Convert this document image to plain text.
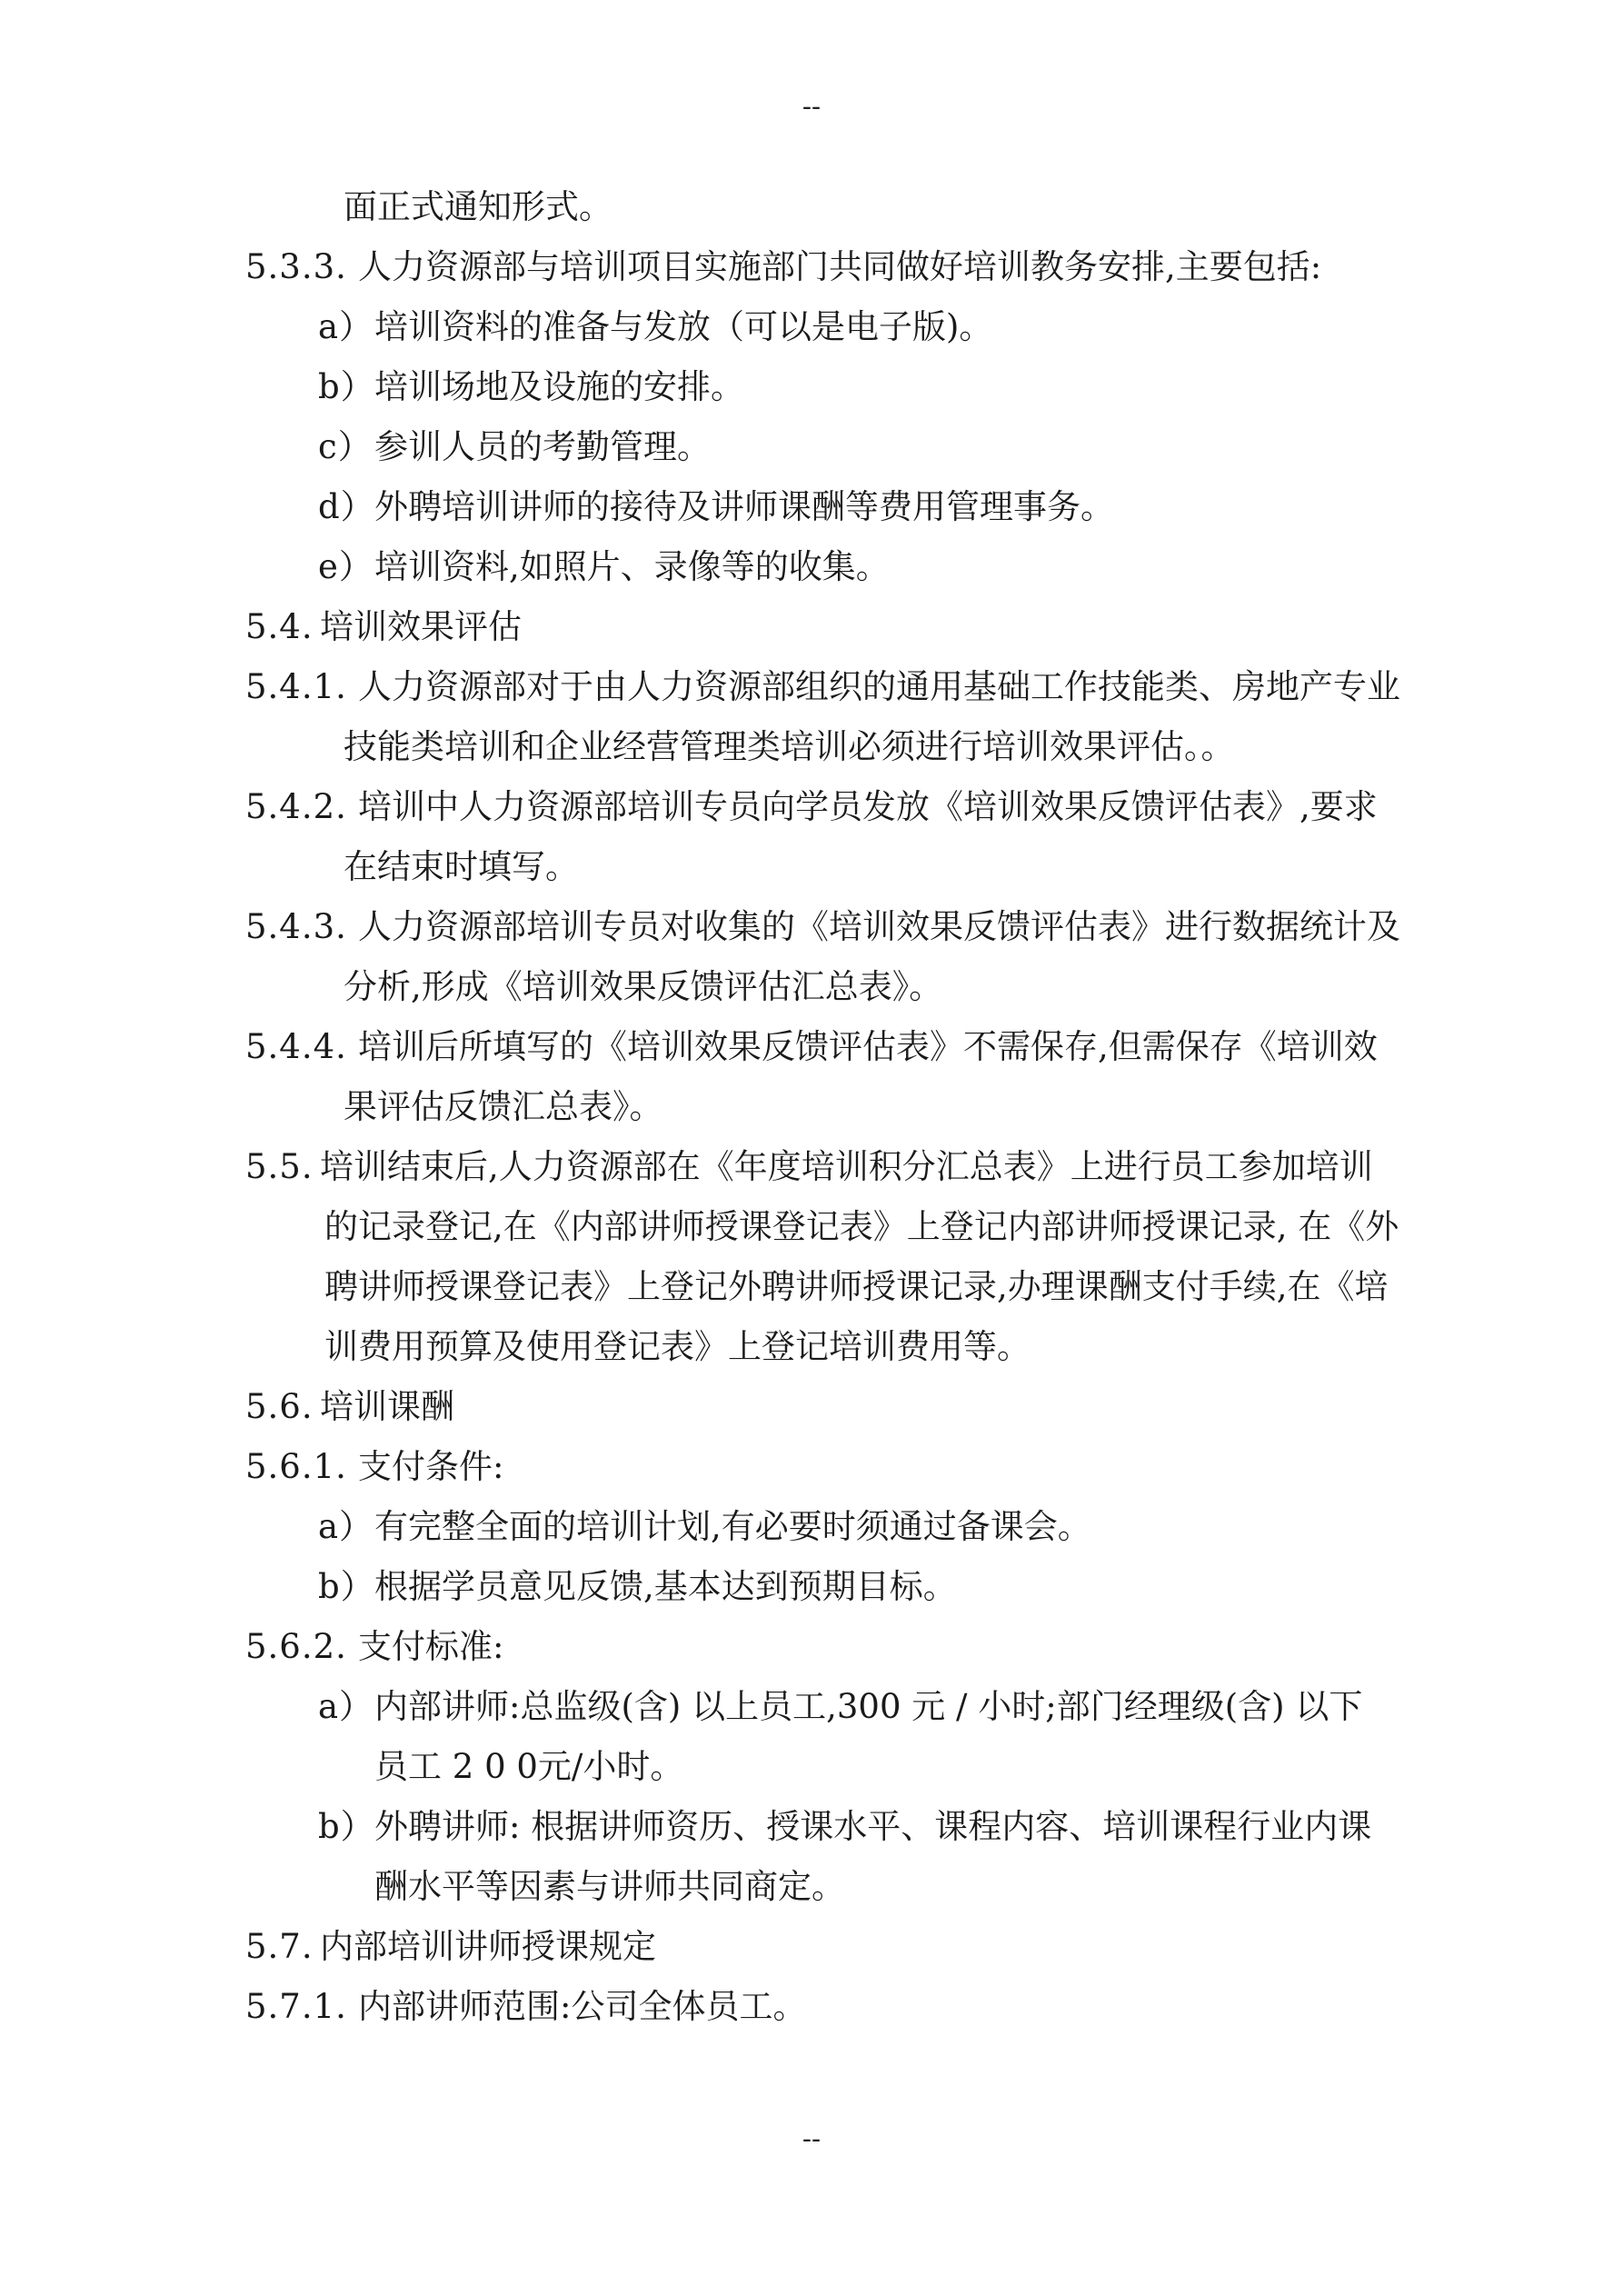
--
面正式通知形式。
5.3.3. 人力资源部与培训项目实施部门共同做好培训教务安排,主要包括:
a）培训资料的准备与发放（可以是电子版)。
b）培训场地及设施的安排。
c）参训人员的考勤管理。
d）外聘培训讲师的接待及讲师课酬等费用管理事务。
e）培训资料,如照片、录像等的收集。
5.4. 培训效果评估
5.4.1. 人力资源部对于由人力资源部组织的通用基础工作技能类、房地产专业
技能类培训和企业经营管理类培训必须进行培训效果评估。。
5.4.2. 培训中人力资源部培训专员向学员发放《培训效果反馈评估表》,要求
在结束时填写。
5.4.3. 人力资源部培训专员对收集的《培训效果反馈评估表》进行数据统计及
分析,形成《培训效果反馈评估汇总表》。
5.4.4. 培训后所填写的《培训效果反馈评估表》不需保存,但需保存《培训效
果评估反馈汇总表》。
5.5. 培训结束后,人力资源部在《年度培训积分汇总表》上进行员工参加培训
的记录登记,在《内部讲师授课登记表》上登记内部讲师授课记录, 在《外
聘讲师授课登记表》上登记外聘讲师授课记录,办理课酬支付手续,在《培
训费用预算及使用登记表》上登记培训费用等。
5.6. 培训课酬
5.6.1. 支付条件:
a）有完整全面的培训计划,有必要时须通过备课会。
b）根据学员意见反馈,基本达到预期目标。
5.6.2. 支付标准:
a）内部讲师:总监级(含) 以上员工,300 元 / 小时;部门经理级(含) 以下
员工 2 0 0元/小时。
b）外聘讲师: 根据讲师资历、授课水平、课程内容、培训课程行业内课
酬水平等因素与讲师共同商定。
5.7. 内部培训讲师授课规定
5.7.1. 内部讲师范围:公司全体员工。
--
